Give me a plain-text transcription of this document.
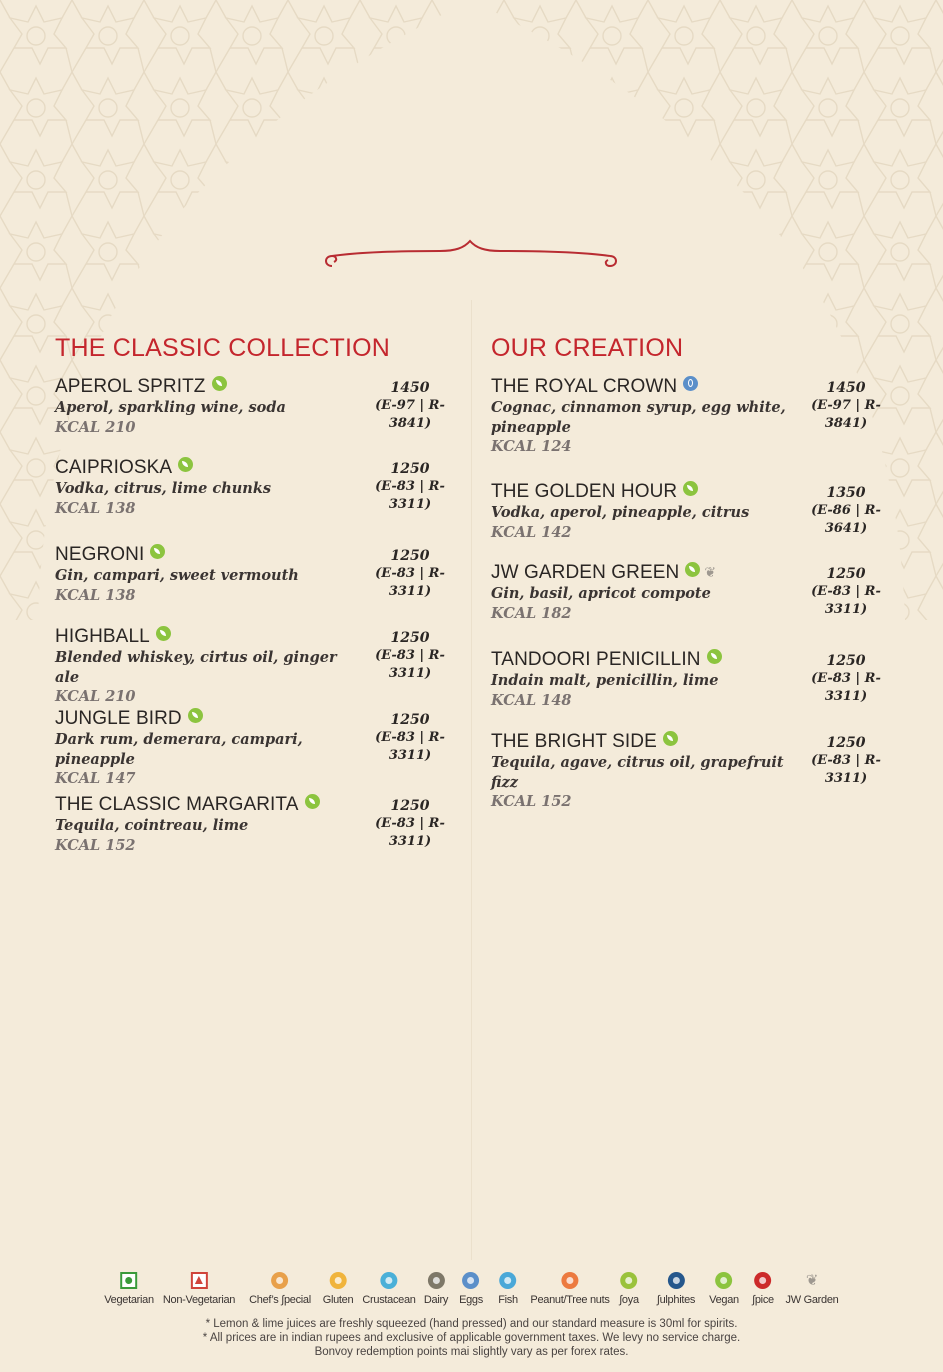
THE CLASSIC COLLECTION
APEROL SPRITZ
Aperol, sparkling wine, soda
KCAL 210
1450
(E-97 | R-3841)
CAIPRIOSKA
Vodka, citrus, lime chunks
KCAL 138
1250
(E-83 | R-3311)
NEGRONI
Gin, campari, sweet vermouth
KCAL 138
1250
(E-83 | R-3311)
HIGHBALL
Blended whiskey, cirtus oil, ginger ale
KCAL 210
1250
(E-83 | R-3311)
JUNGLE BIRD
Dark rum, demerara, campari, pineapple
KCAL 147
1250
(E-83 | R-3311)
THE CLASSIC MARGARITA
Tequila, cointreau, lime
KCAL 152
1250
(E-83 | R-3311)
OUR CREATION
THE ROYAL CROWN
Cognac, cinnamon syrup, egg white, pineapple
KCAL 124
1450
(E-97 | R-3841)
THE GOLDEN HOUR
Vodka, aperol, pineapple, citrus
KCAL 142
1350
(E-86 | R-3641)
JW GARDEN GREEN ❦
Gin, basil, apricot compote
KCAL 182
1250
(E-83 | R-3311)
TANDOORI PENICILLIN
Indain malt, penicillin, lime
KCAL 148
1250
(E-83 | R-3311)
THE BRIGHT SIDE
Tequila, agave, citrus oil, grapefruit fizz
KCAL 152
1250
(E-83 | R-3311)
Vegetarian Non-Vegetarian Chef’s ∫pecial Gluten Crustacean Dairy Eggs Fish Peanut/Tree nuts ∫oya ∫ulphites Vegan ∫pice
❦
JW Garden
* Lemon & lime juices are freshly squeezed (hand pressed) and our standard measure is 30ml for spirits.
* All prices are in indian rupees and exclusive of applicable government taxes. We levy no service charge.
Bonvoy redemption points mai slightly vary as per forex rates.
